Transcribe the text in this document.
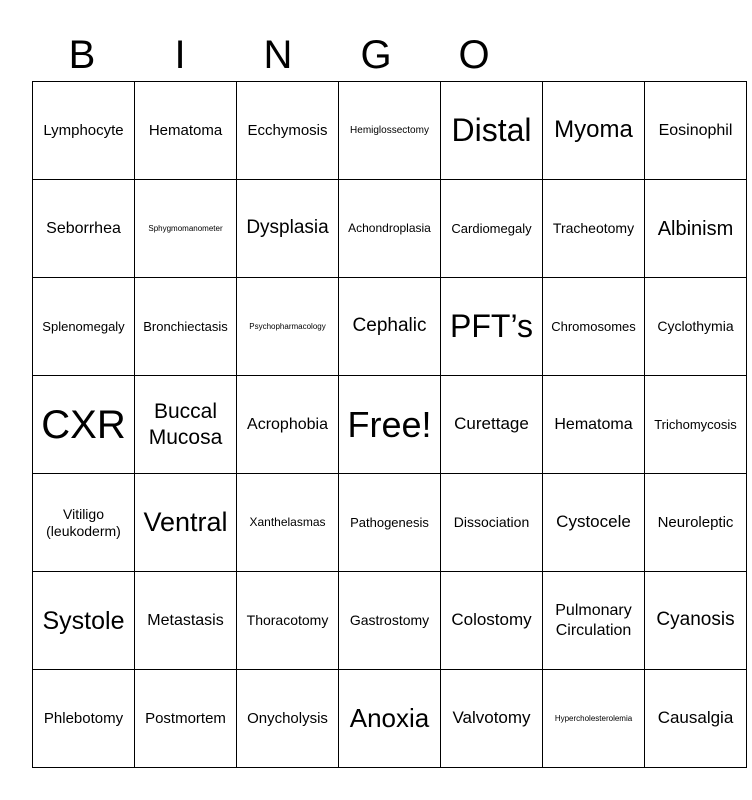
B	I	N	G	O
Lymphocyte	Hematoma	Ecchymosis	Hemiglossectomy	Distal	Myoma	Eosinophil
Seborrhea	Sphygmomanometer	Dysplasia	Achondroplasia	Cardiomegaly	Tracheotomy	Albinism
Splenomegaly	Bronchiectasis	Psychopharmacology	Cephalic	PFT’s	Chromosomes	Cyclothymia
CXR	Buccal Mucosa	Acrophobia	Free!	Curettage	Hematoma	Trichomycosis
Vitiligo (leukoderm)	Ventral	Xanthelasmas	Pathogenesis	Dissociation	Cystocele	Neuroleptic
Systole	Metastasis	Thoracotomy	Gastrostomy	Colostomy	Pulmonary Circulation	Cyanosis
Phlebotomy	Postmortem	Onycholysis	Anoxia	Valvotomy	Hypercholesterolemia	Causalgia
